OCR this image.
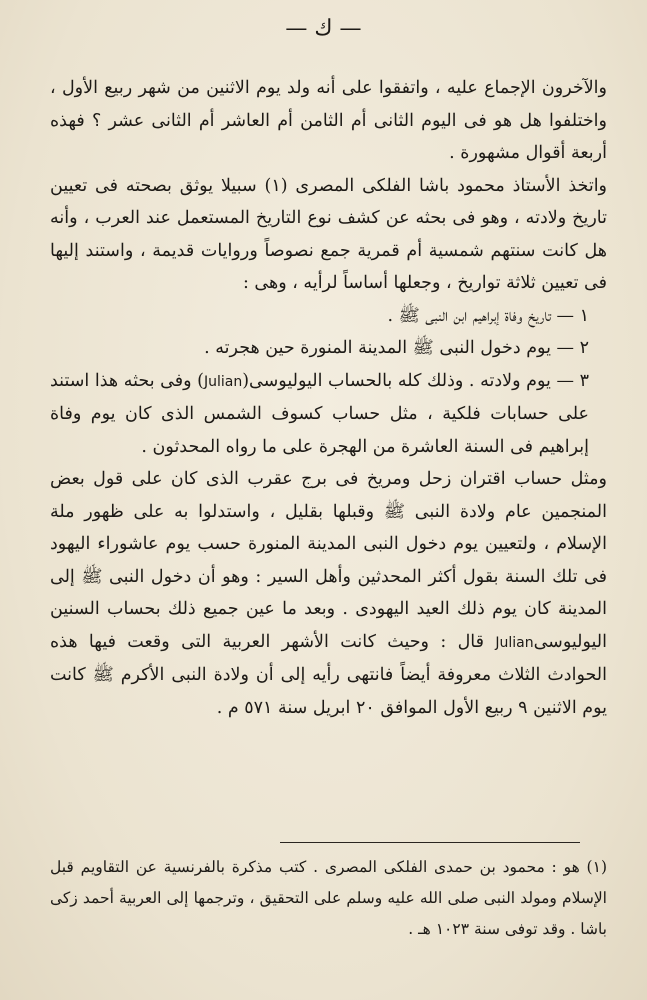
— ك —

والآخرون الإجماع عليه ، واتفقوا على أنه ولد يوم الاثنين من شهر ربيع الأول ، واختلفوا هل هو فى اليوم الثانى أم الثامن أم العاشر أم الثانى عشر ؟ فهذه أربعة أقوال مشهورة .

واتخذ الأستاذ محمود باشا الفلكى المصرى (١) سبيلا يوثق بصحته فى تعيين تاريخ ولادته ، وهو فى بحثه عن كشف نوع التاريخ المستعمل عند العرب ، وأنه هل كانت سنتهم شمسية أم قمرية جمع نصوصاً وروايات قديمة ، واستند إليها فى تعيين ثلاثة تواريخ ، وجعلها أساساً لرأيه ، وهى :

١ — تاريخ وفاة إبراهيم ابن النبى ﷺ .

٢ — يوم دخول النبى ﷺ المدينة المنورة حين هجرته .

٣ — يوم ولادته . وذلك كله بالحساب اليوليوسى(Julian) وفى بحثه هذا استند على حسابات فلكية ، مثل حساب كسوف الشمس الذى كان يوم وفاة إبراهيم فى السنة العاشرة من الهجرة على ما رواه المحدثون .

ومثل حساب اقتران زحل ومريخ فى برج عقرب الذى كان على قول بعض المنجمين عام ولادة النبى ﷺ وقبلها بقليل ، واستدلوا به على ظهور ملة الإسلام ، ولتعيين يوم دخول النبى المدينة المنورة حسب يوم عاشوراء اليهود فى تلك السنة بقول أكثر المحدثين وأهل السير : وهو أن دخول النبى ﷺ إلى المدينة كان يوم ذلك العيد اليهودى . وبعد ما عين جميع ذلك بحساب السنين اليوليوسىJulian قال : وحيث كانت الأشهر العربية التى وقعت فيها هذه الحوادث الثلاث معروفة أيضاً فانتهى رأيه إلى أن ولادة النبى الأكرم ﷺ كانت يوم الاثنين ٩ ربيع الأول الموافق ٢٠ ابريل سنة ٥٧١ م .

(١) هو : محمود بن حمدى الفلكى المصرى . كتب مذكرة بالفرنسية عن التقاويم قبل الإسلام ومولد النبى صلى الله عليه وسلم على التحقيق ، وترجمها إلى العربية أحمد زكى باشا . وقد توفى سنة ١٠٢٣ هـ .
